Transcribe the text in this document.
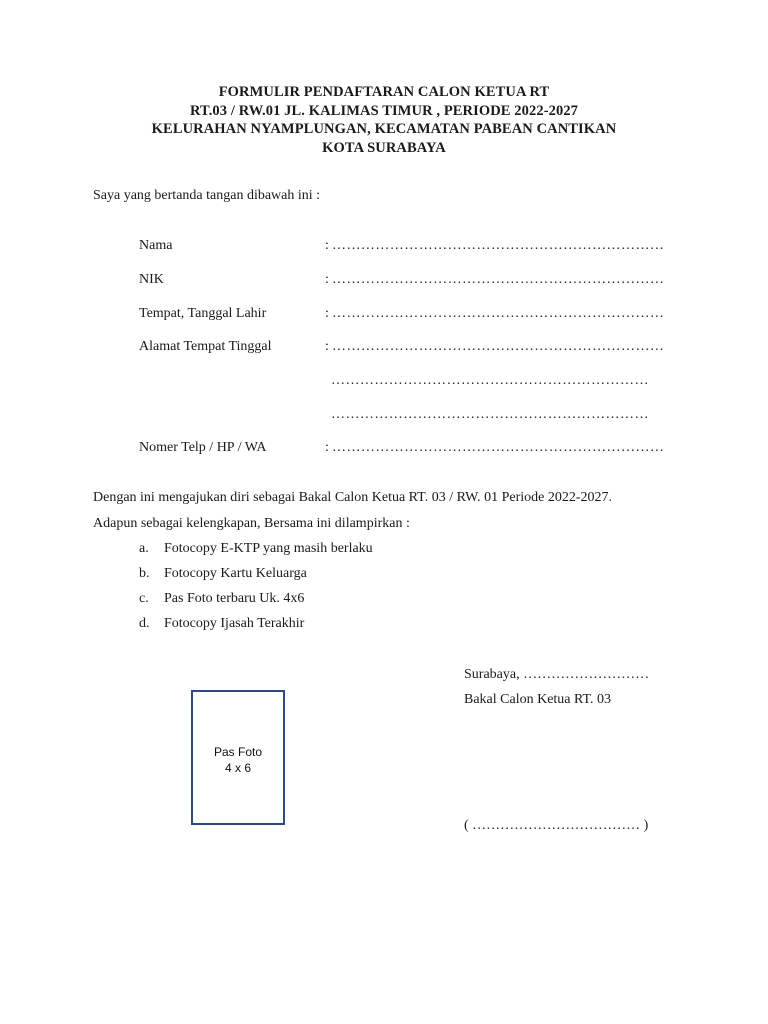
FORMULIR PENDAFTARAN CALON KETUA RT
RT.03 / RW.01 JL. KALIMAS TIMUR , PERIODE 2022-2027
KELURAHAN NYAMPLUNGAN, KECAMATAN PABEAN CANTIKAN
KOTA SURABAYA
Saya yang bertanda tangan dibawah ini :
Nama	: ……………………………………………………………
NIK	: ……………………………………………………………
Tempat, Tanggal Lahir	: ……………………………………………………………
Alamat Tempat Tinggal	: ……………………………………………………………
…………………………………………………………
…………………………………………………………
Nomer Telp / HP / WA	: ……………………………………………………………
Dengan ini mengajukan diri sebagai Bakal Calon Ketua RT. 03 / RW. 01 Periode 2022-2027.
Adapun sebagai kelengkapan, Bersama ini dilampirkan :
a. Fotocopy E-KTP yang masih berlaku
b. Fotocopy Kartu Keluarga
c. Pas Foto terbaru Uk. 4x6
d. Fotocopy Ijasah Terakhir
Pas Foto
4 x 6
Surabaya, ………………………
Bakal Calon Ketua RT. 03
( ……………………………… )
